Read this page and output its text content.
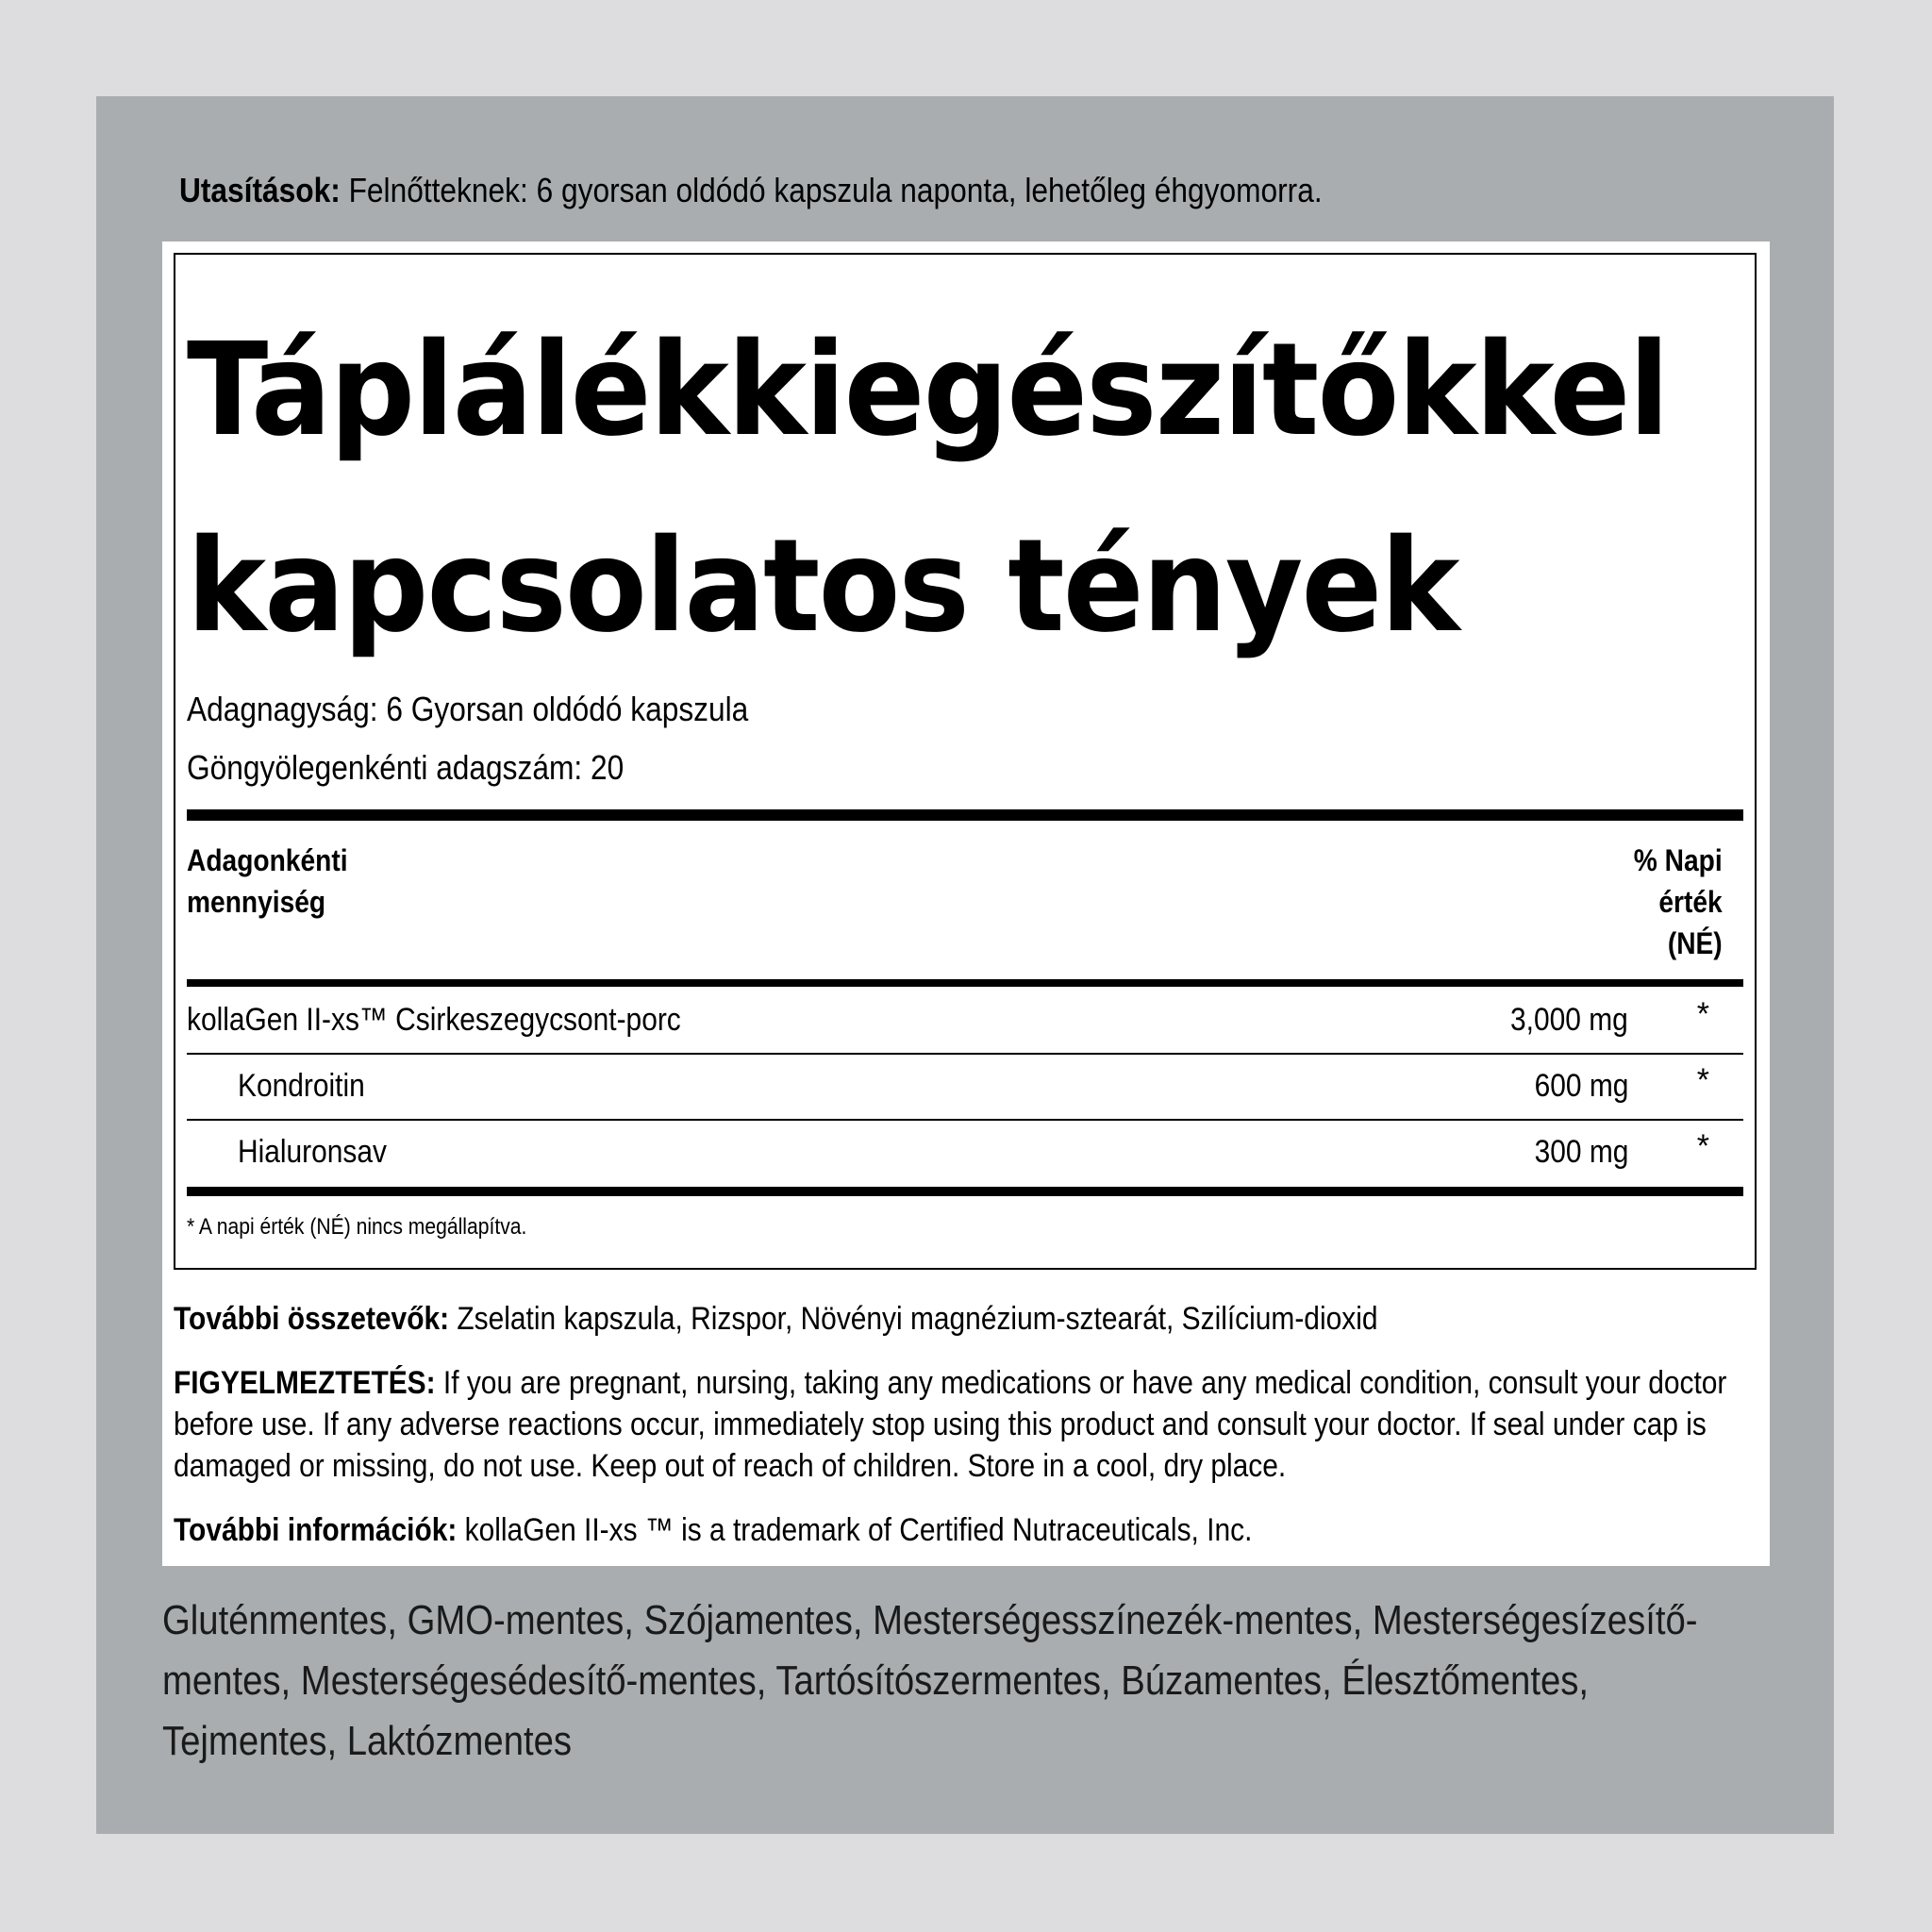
Utasítások: Felnőtteknek: 6 gyorsan oldódó kapszula naponta, lehetőleg éhgyomorra.
Táplálékkiegészítőkkel
kapcsolatos tények
Adagnagyság: 6 Gyorsan oldódó kapszula
Göngyölegenkénti adagszám: 20
Adagonkénti
mennyiség
% Napi
érték
(NÉ)
kollaGen II-xs™ Csirkeszegycsont-porc	3,000 mg *
Kondroitin	600 mg *
Hialuronsav	300 mg *
* A napi érték (NÉ) nincs megállapítva.
További összetevők: Zselatin kapszula, Rizspor, Növényi magnézium-sztearát, Szilícium-dioxid
FIGYELMEZTETÉS: If you are pregnant, nursing, taking any medications or have any medical condition, consult your doctor before use. If any adverse reactions occur, immediately stop using this product and consult your doctor. If seal under cap is damaged or missing, do not use. Keep out of reach of children. Store in a cool, dry place.
További információk: kollaGen II-xs ™ is a trademark of Certified Nutraceuticals, Inc.
Gluténmentes, GMO-mentes, Szójamentes, Mesterségesszínezék-mentes, Mesterségesízesítő-mentes, Mesterségesédesítő-mentes, Tartósítószermentes, Búzamentes, Élesztőmentes, Tejmentes, Laktózmentes
